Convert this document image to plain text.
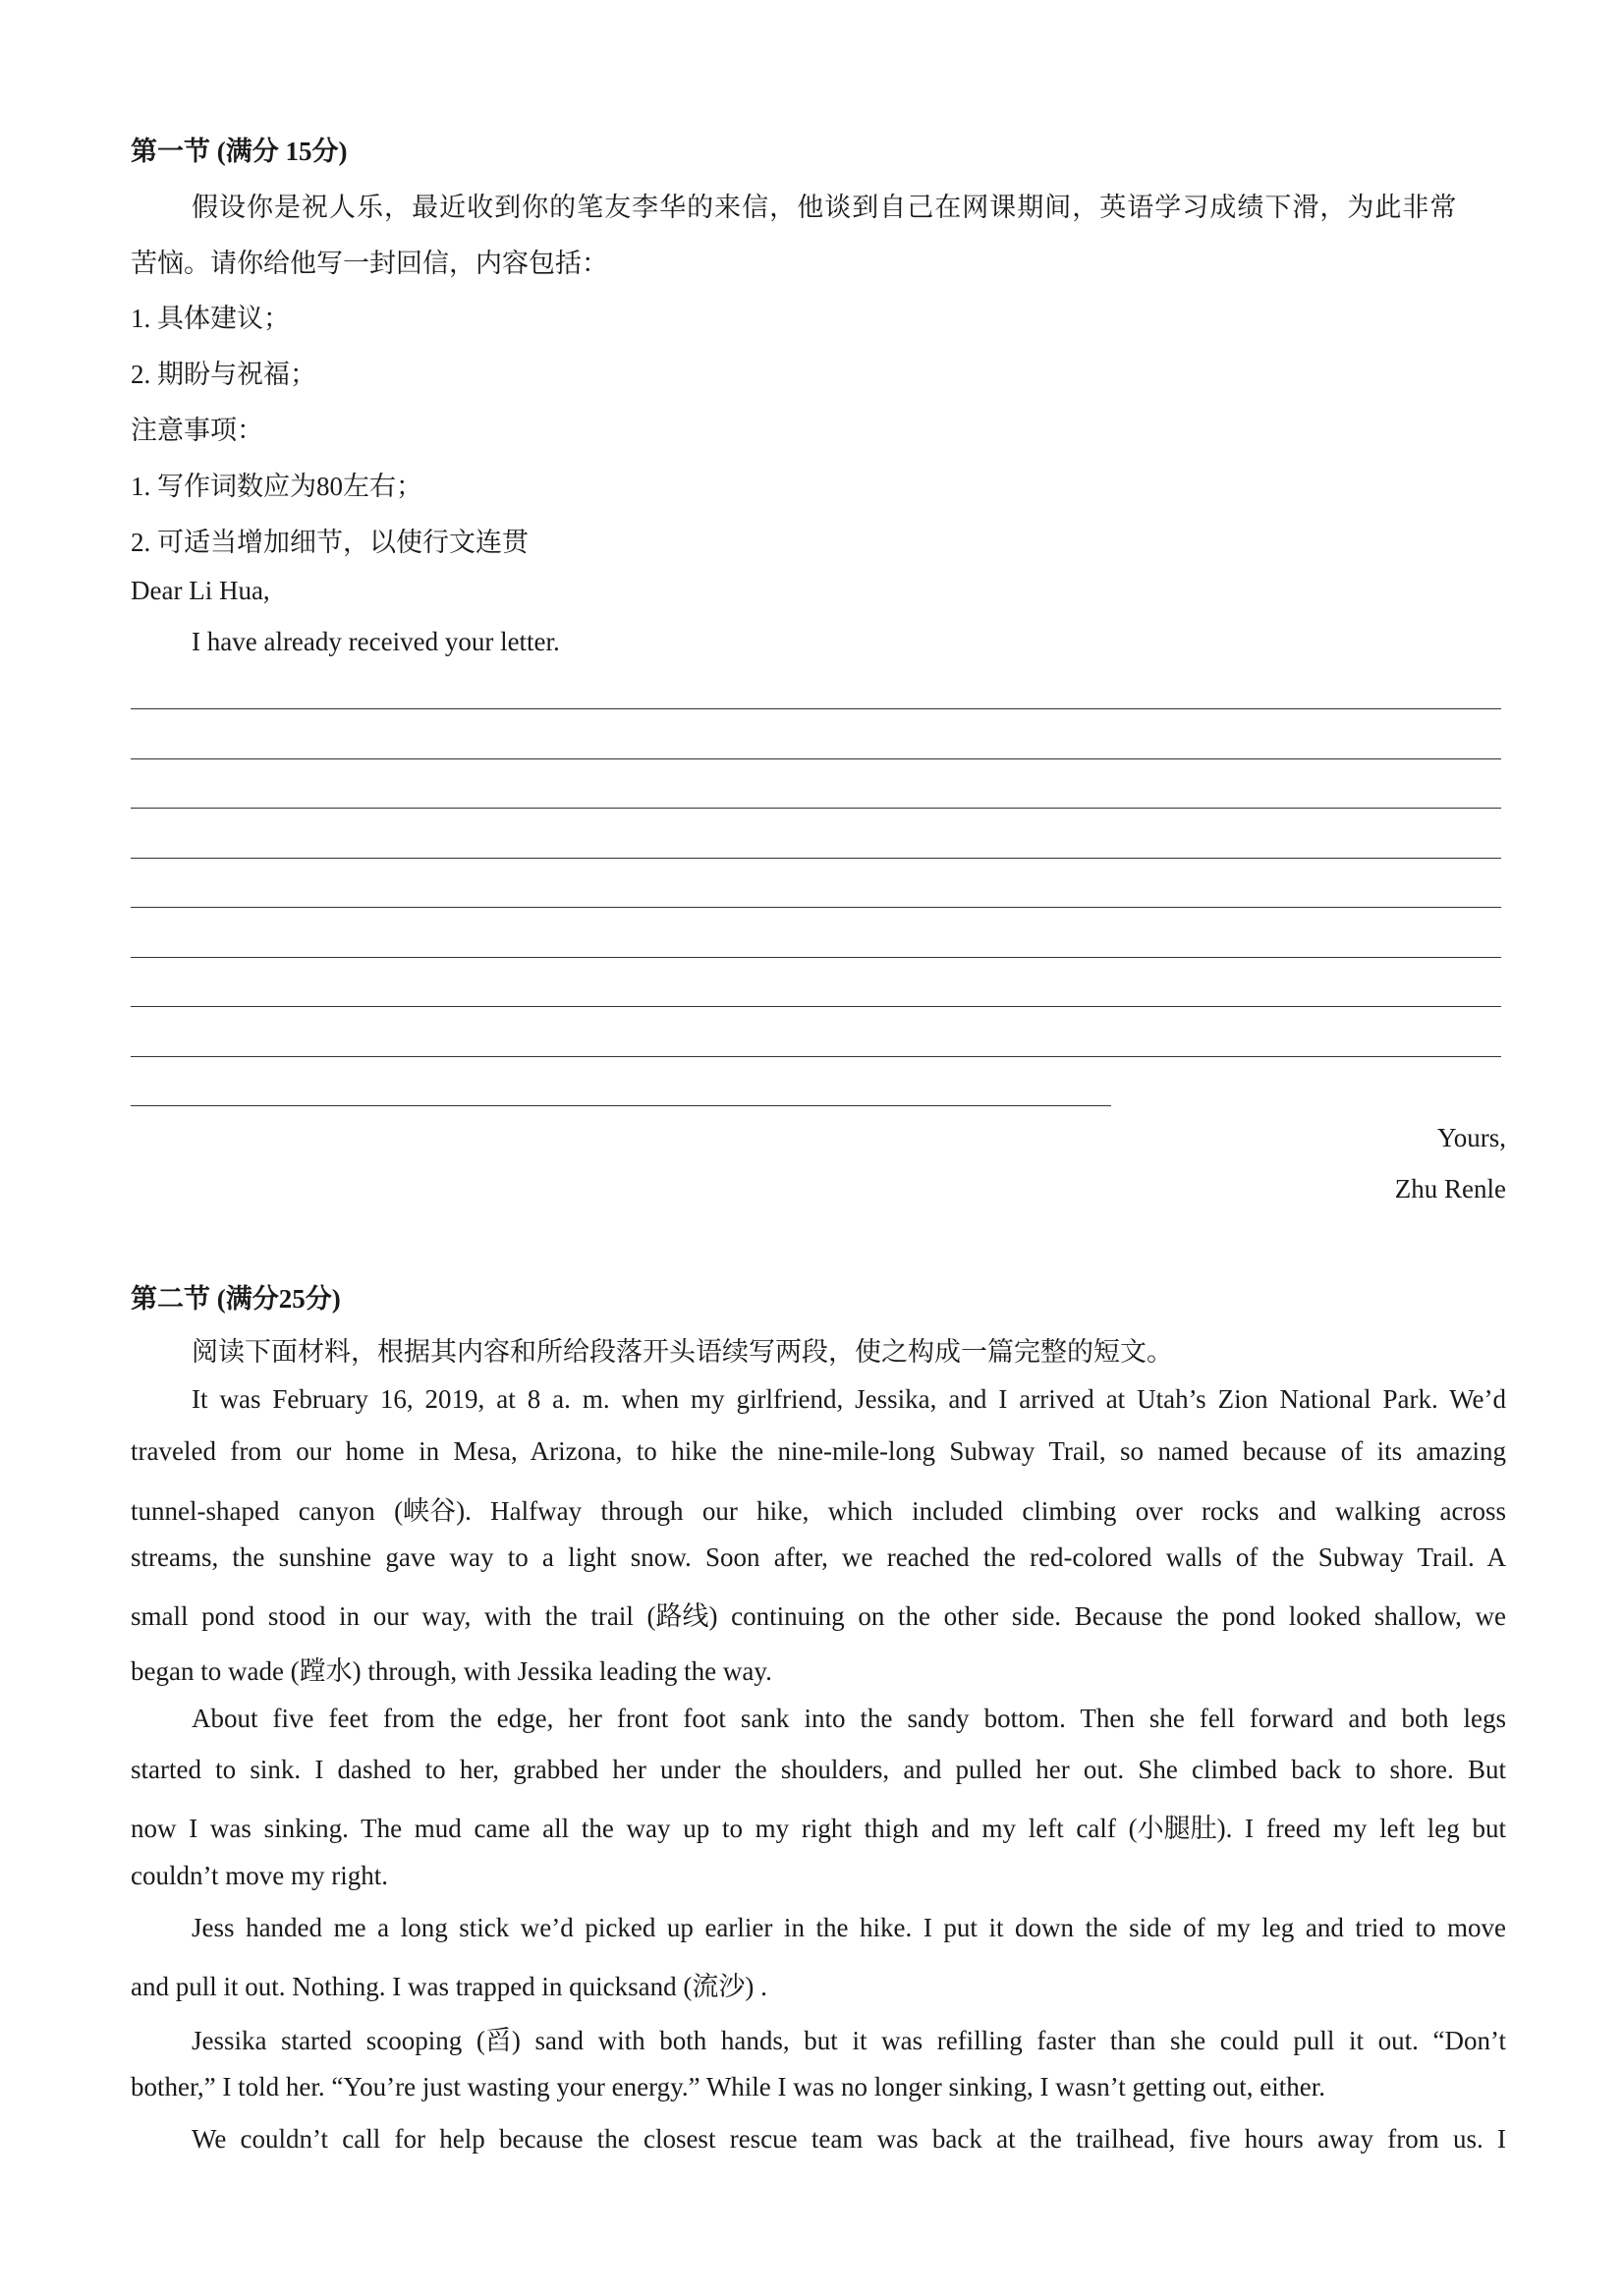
第一节 (满分 15分)
假设你是祝人乐，最近收到你的笔友李华的来信，他谈到自己在网课期间，英语学习成绩下滑，为此非常
苦恼。请你给他写一封回信，内容包括：
1. 具体建议；
2. 期盼与祝福；
注意事项：
1. 写作词数应为80左右；
2. 可适当增加细节，以使行文连贯
Dear Li Hua,
I have already received your letter.
Yours,
Zhu Renle
第二节 (满分25分)
阅读下面材料，根据其内容和所给段落开头语续写两段，使之构成一篇完整的短文。
It was February 16, 2019, at 8 a. m. when my girlfriend, Jessika, and I arrived at Utah’s Zion National Park. We’d
traveled from our home in Mesa, Arizona, to hike the nine-mile-long Subway Trail, so named because of its amazing
tunnel-shaped canyon (峡谷). Halfway through our hike, which included climbing over rocks and walking across
streams, the sunshine gave way to a light snow. Soon after, we reached the red-colored walls of the Subway Trail. A
small pond stood in our way, with the trail (路线) continuing on the other side. Because the pond looked shallow, we
began to wade (蹚水) through, with Jessika leading the way.
About five feet from the edge, her front foot sank into the sandy bottom. Then she fell forward and both legs
started to sink. I dashed to her, grabbed her under the shoulders, and pulled her out. She climbed back to shore. But
now I was sinking. The mud came all the way up to my right thigh and my left calf (小腿肚). I freed my left leg but
couldn’t move my right.
Jess handed me a long stick we’d picked up earlier in the hike. I put it down the side of my leg and tried to move
and pull it out. Nothing. I was trapped in quicksand (流沙) .
Jessika started scooping (舀) sand with both hands, but it was refilling faster than she could pull it out. “Don’t
bother,” I told her. “You’re just wasting your energy.” While I was no longer sinking, I wasn’t getting out, either.
We couldn’t call for help because the closest rescue team was back at the trailhead, five hours away from us. I
